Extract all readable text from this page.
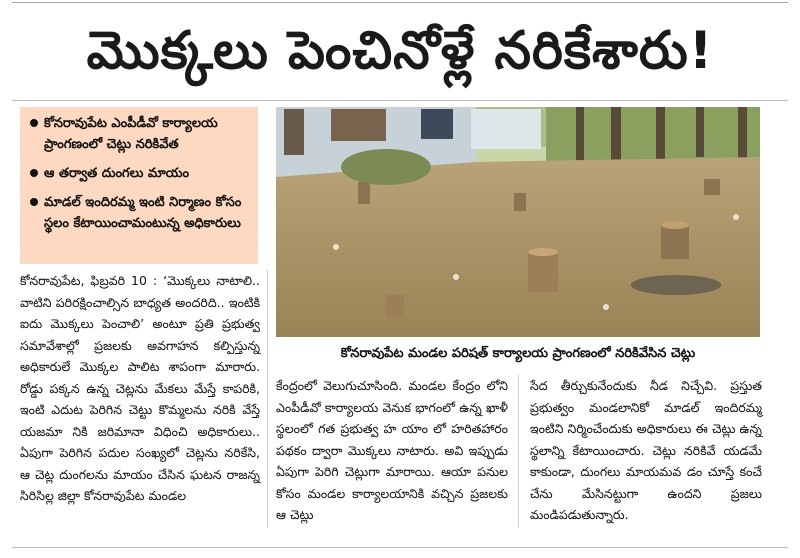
మొక్కలు పెంచినోళ్లే నరికేశారు!
కోనరావుపేట ఎంపీడీవో కార్యాలయ ప్రాంగణంలో చెట్లు నరికివేత
ఆ తర్వాత దుంగలు మాయం
మాడల్ ఇందిరమ్మ ఇంటి నిర్మాణం కోసం స్థలం కేటాయించామంటున్న అధికారులు
కోనరావుపేట మండల పరిషత్ కార్యాలయ ప్రాంగణంలో నరికివేసిన చెట్లు
కోనరావుపేట, ఫిబ్రవరి 10 : ‘మొక్కలు నాటాలి.. వాటిని పరిరక్షించాల్సిన బాధ్యత అందరిది.. ఇంటికి ఐదు మొక్కలు పెంచాలి’ అంటూ ప్రతి ప్రభుత్వ సమావేశాల్లో ప్రజలకు అవగాహన కల్పిస్తున్న అధికారులే మొక్కల పాలిట శాపంగా మారారు. రోడ్డు పక్కన ఉన్న చెట్లను మేకలు మేస్తే కాపరికి, ఇంటి ఎదుట పెరిగిన చెట్టు కొమ్మలను నరికి వేస్తే యజమా నికి జరిమానా విధించి అధికారులు.. ఏపుగా పెరిగిన పదుల సంఖ్యలో చెట్లను నరికేసి, ఆ చెట్ల దుంగలను మాయం చేసిన ఘటన రాజన్న సిరిసిల్ల జిల్లా కోనరావుపేట మండల
కేంద్రంలో వెలుగుచూసింది. మండల కేంద్రం లోని ఎంపీడీవో కార్యాలయ వెనుక భాగంలో ఉన్న ఖాళీ స్థలంలో గత ప్రభుత్వ హ యాం లో హరితహారం పథకం ద్వారా మొక్కలు నాటారు. అవి ఇప్పుడు ఏపుగా పెరిగి చెట్లుగా మారాయి. ఆయా పనుల కోసం మండల కార్యాలయానికి వచ్చిన ప్రజలకు ఆ చెట్లు
సేద తీర్చుకునేందుకు నీడ నిచ్చేవి. ప్రస్తుత ప్రభుత్వం మండలానికో మాడల్ ఇందిరమ్మ ఇంటిని నిర్మించేందుకు అధికారులు ఈ చెట్లు ఉన్న స్థలాన్ని కేటాయించారు. చెట్లు నరికివే యడమే కాకుండా, దుంగలు మాయమవ డం చూస్తే కంచే చేను మేసినట్టుగా ఉందని ప్రజలు మండిపడుతున్నారు.
